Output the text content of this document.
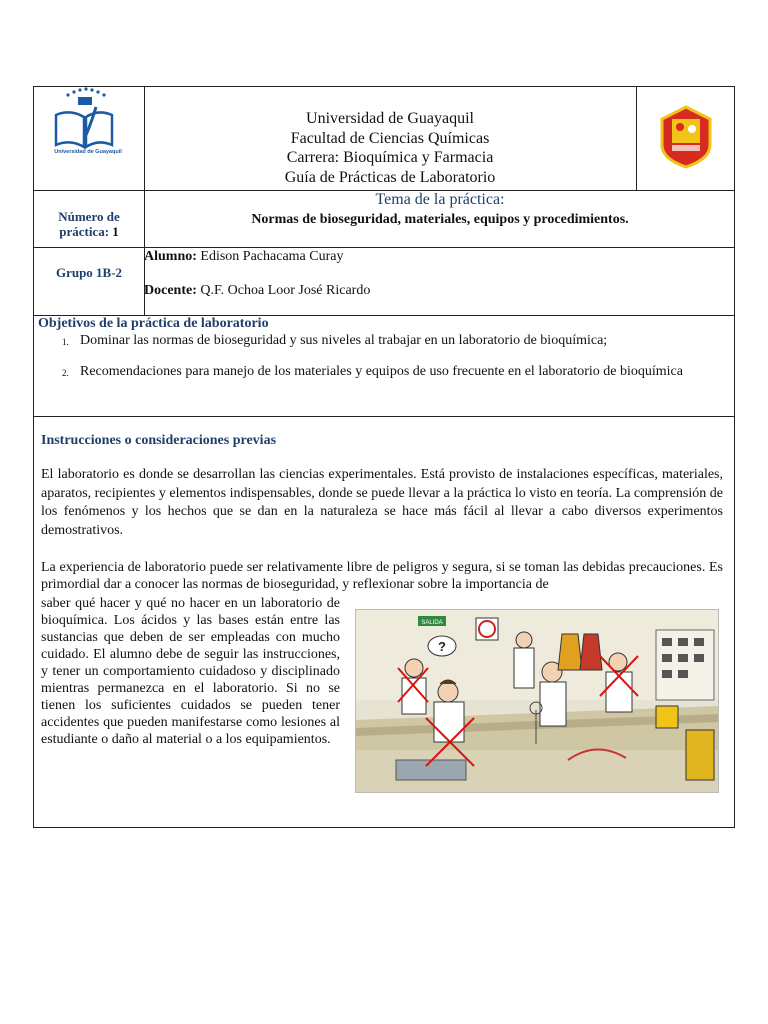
Universidad de Guayaquil
Universidad de Guayaquil
Facultad de Ciencias Químicas
Carrera: Bioquímica y Farmacia
Guía de Prácticas de Laboratorio
Número de práctica: 1
Tema de la práctica:
Normas de bioseguridad, materiales, equipos y procedimientos.
Grupo 1B-2
Alumno: Edison Pachacama Curay
Docente: Q.F. Ochoa Loor José Ricardo
Objetivos de la práctica de laboratorio
1. Dominar las normas de bioseguridad y sus niveles al trabajar en un laboratorio de bioquímica;
2. Recomendaciones para manejo de los materiales y equipos de uso frecuente en el laboratorio de bioquímica
Instrucciones o consideraciones previas

El laboratorio es donde se desarrollan las ciencias experimentales. Está provisto de instalaciones específicas, materiales, aparatos, recipientes y elementos indispensables, donde se puede llevar a la práctica lo visto en teoría. La comprensión de los fenómenos y los hechos que se dan en la naturaleza se hace más fácil al llevar a cabo diversos experimentos demostrativos.

La experiencia de laboratorio puede ser relativamente libre de peligros y segura, si se toman las debidas precauciones. Es primordial dar a conocer las normas de bioseguridad, y reflexionar sobre la importancia de

saber qué hacer y qué no hacer en un laboratorio de bioquímica. Los ácidos y las bases están entre las sustancias que deben de ser empleadas con mucho cuidado. El alumno debe de seguir las instrucciones, y tener un comportamiento cuidadoso y disciplinado mientras permanezca en el laboratorio. Si no se tienen los suficientes cuidados se pueden tener accidentes que pueden manifestarse como lesiones al estudiante o daño al material o a los equipamientos.

SALIDA
?
